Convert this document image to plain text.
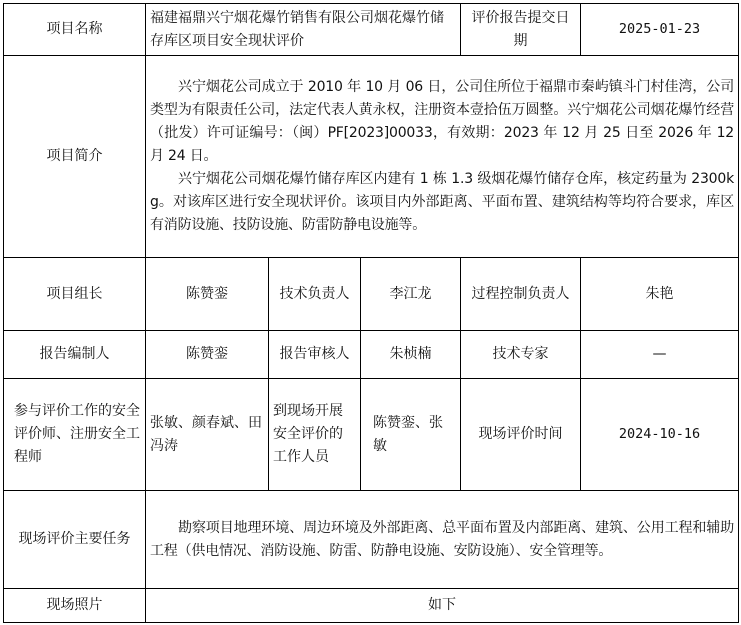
项目名称	福建福鼎兴宁烟花爆竹销售有限公司烟花爆竹储存库区项目安全现状评价			评价报告提交日期	2025-01-23
项目简介	兴宁烟花公司成立于 2010 年 10 月 06 日，公司住所位于福鼎市秦屿镇斗门村佳湾，公司类型为有限责任公司，法定代表人黄永权，注册资本壹拾伍万圆整。兴宁烟花公司烟花爆竹经营（批发）许可证编号：（闽）PF[2023]00033，有效期：2023 年 12 月 25 日至 2026 年 12 月 24 日。

兴宁烟花公司烟花爆竹储存库区内建有 1 栋 1.3 级烟花爆竹储存仓库，核定药量为 2300kg。对该库区进行安全现状评价。该项目内外部距离、平面布置、建筑结构等均符合要求，库区有消防设施、技防设施、防雷防静电设施等。				

项目组长	陈赞銮	技术负责人	李江龙	过程控制负责人	朱艳
报告编制人	陈赞銮	报告审核人	朱桢楠	技术专家	—
参与评价工作的安全评价师、注册安全工程师	张敏、颜春斌、田冯涛	到现场开展安全评价的工作人员	陈赞銮、张敏	现场评价时间	2024-10-16
现场评价主要任务	勘察项目地理环境、周边环境及外部距离、总平面布置及内部距离、建筑、公用工程和辅助工程（供电情况、消防设施、防雷、防静电设施、安防设施）、安全管理等。				

现场照片	如下				
